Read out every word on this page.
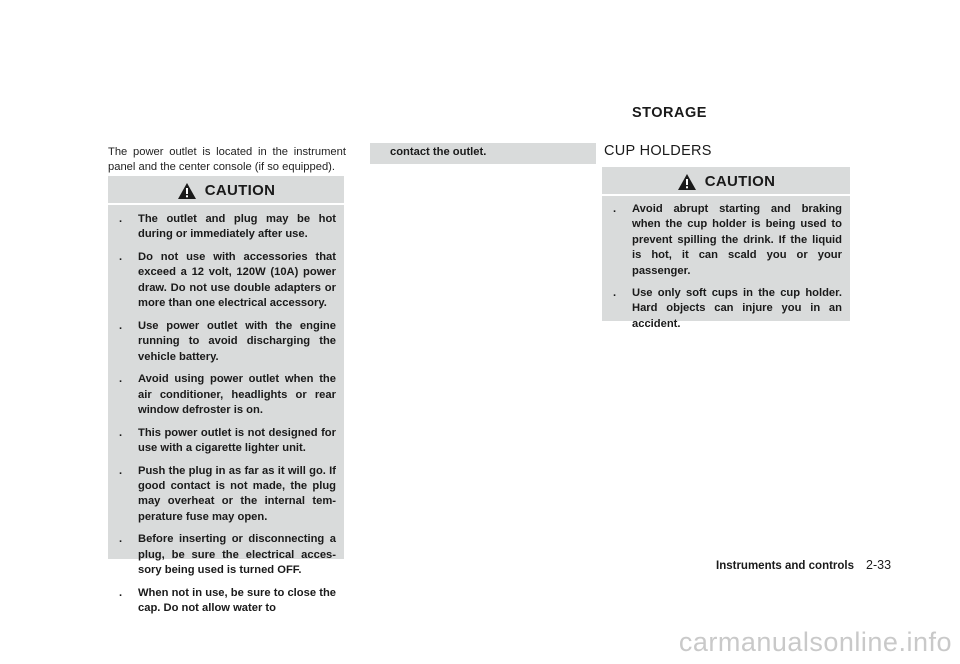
The power outlet is located in the instrument panel and the center console (if so equipped).
CAUTION
. The outlet and plug may be hot during or immediately after use.
. Do not use with accessories that exceed a 12 volt, 120W (10A) power draw. Do not use double adapters or more than one electrical accessory.
. Use power outlet with the engine running to avoid discharging the vehicle battery.
. Avoid using power outlet when the air conditioner, headlights or rear window defroster is on.
. This power outlet is not designed for use with a cigarette lighter unit.
. Push the plug in as far as it will go. If good contact is not made, the plug may overheat or the internal tem-perature fuse may open.
. Before inserting or disconnecting a plug, be sure the electrical acces-sory being used is turned OFF.
. When not in use, be sure to close the cap. Do not allow water to
contact the outlet.
STORAGE
CUP HOLDERS
CAUTION
. Avoid abrupt starting and braking when the cup holder is being used to prevent spilling the drink. If the liquid is hot, it can scald you or your passenger.
. Use only soft cups in the cup holder. Hard objects can injure you in an accident.
Instruments and controls 2-33
carmanualsonline.info
